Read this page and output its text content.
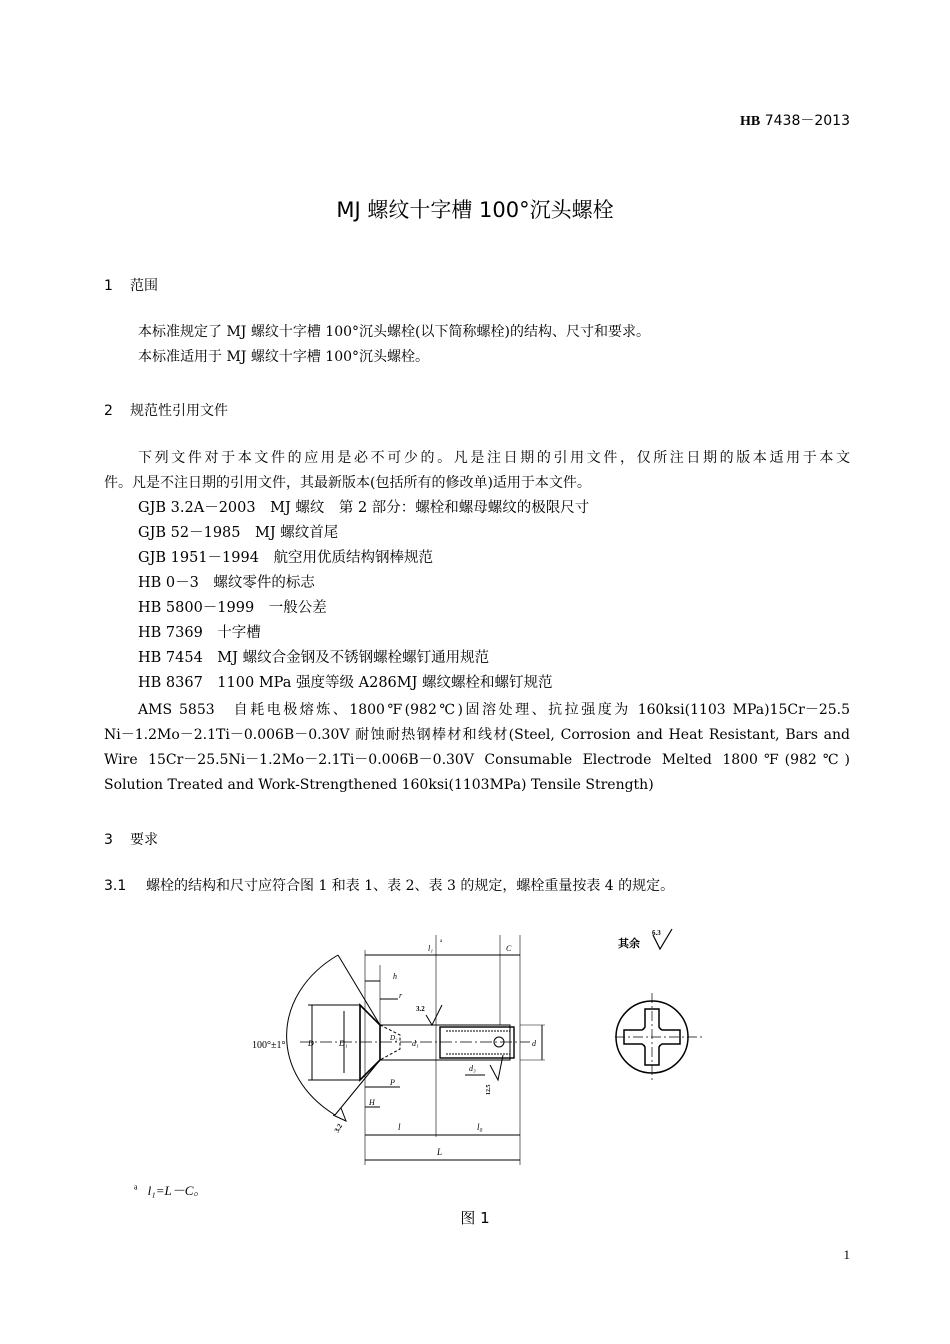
HB 7438－2013
MJ 螺纹十字槽 100°沉头螺栓
1 范围
本标准规定了 MJ 螺纹十字槽 100°沉头螺栓(以下简称螺栓)的结构、尺寸和要求。
本标准适用于 MJ 螺纹十字槽 100°沉头螺栓。
2 规范性引用文件
下列文件对于本文件的应用是必不可少的。凡是注日期的引用文件，仅所注日期的版本适用于本文
件。凡是不注日期的引用文件，其最新版本(包括所有的修改单)适用于本文件。
GJB 3.2A－2003　MJ 螺纹　第 2 部分：螺栓和螺母螺纹的极限尺寸
GJB 52－1985　MJ 螺纹首尾
GJB 1951－1994　航空用优质结构钢棒规范
HB 0－3　螺纹零件的标志
HB 5800－1999　一般公差
HB 7369　十字槽
HB 7454　MJ 螺纹合金钢及不锈钢螺栓螺钉通用规范
HB 8367　1100 MPa 强度等级 A286MJ 螺纹螺栓和螺钉规范
AMS 5853　自耗电极熔炼、1800℉(982℃)固溶处理、抗拉强度为 160ksi(1103 MPa)15Cr－25.5
Ni－1.2Mo－2.1Ti－0.006B－0.30V 耐蚀耐热钢棒材和线材(Steel, Corrosion and Heat Resistant, Bars and
Wire 15Cr－25.5Ni－1.2Mo－2.1Ti－0.006B－0.30V Consumable Electrode Melted 1800℉(982℃)
Solution Treated and Work-Strengthened 160ksi(1103MPa) Tensile Strength)
3 要求
3.1 螺栓的结构和尺寸应符合图 1 和表 1、表 2、表 3 的规定，螺栓重量按表 4 的规定。
100°±1°	D	D₁
D₂
d₁
l₁
a
C
h
r
3.2
P
H
d₃
12.5
d
l	l₀
L
3.2
其余
6.3
$^a$ l₁=L－C。
图 1
1
